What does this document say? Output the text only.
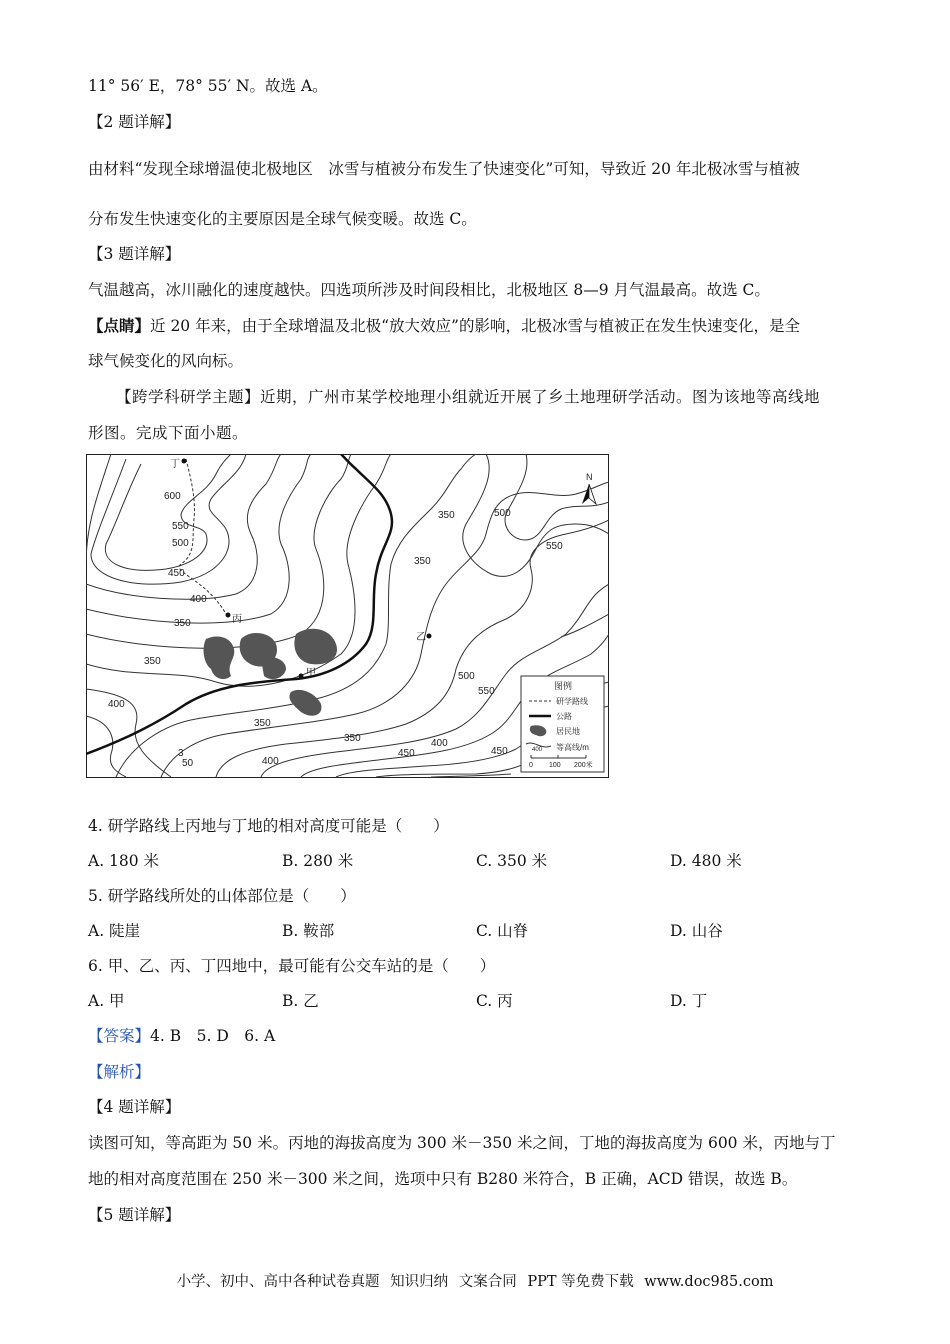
11° 56′ E，78° 55′ N。故选 A。
【2 题详解】
由材料“发现全球增温使北极地区　冰雪与植被分布发生了快速变化”可知，导致近 20 年北极冰雪与植被
分布发生快速变化的主要原因是全球气候变暖。故选 C。
【3 题详解】
气温越高，冰川融化的速度越快。四选项所涉及时间段相比，北极地区 8—9 月气温最高。故选 C。
【点睛】近 20 年来，由于全球增温及北极“放大效应”的影响，北极冰雪与植被正在发生快速变化，是全
球气候变化的风向标。
【跨学科研学主题】近期，广州市某学校地理小组就近开展了乡土地理研学活动。图为该地等高线地
形图。完成下面小题。
丁
丙
甲
乙
600
550
500
450
400
350
350
400
350
3
50	400
350
450
500
550
350
500
550
350
400
450
N
图例
研学路线
公路
居民地
400 等高线/m
0 100 200米
4. 研学路线上丙地与丁地的相对高度可能是（　　）
A. 180 米	B. 280 米	C. 350 米	D. 480 米
5. 研学路线所处的山体部位是（　　）
A. 陡崖	B. 鞍部	C. 山脊	D. 山谷
6. 甲、乙、丙、丁四地中，最可能有公交车站的是（　　）
A. 甲	B. 乙	C. 丙	D. 丁
【答案】4. B　5. D　6. A
【解析】
【4 题详解】
读图可知，等高距为 50 米。丙地的海拔高度为 300 米－350 米之间，丁地的海拔高度为 600 米，丙地与丁
地的相对高度范围在 250 米－300 米之间，选项中只有 B280 米符合，B 正确，ACD 错误，故选 B。
【5 题详解】
小学、初中、高中各种试卷真题 知识归纳 文案合同 PPT 等免费下载 www.doc985.com
